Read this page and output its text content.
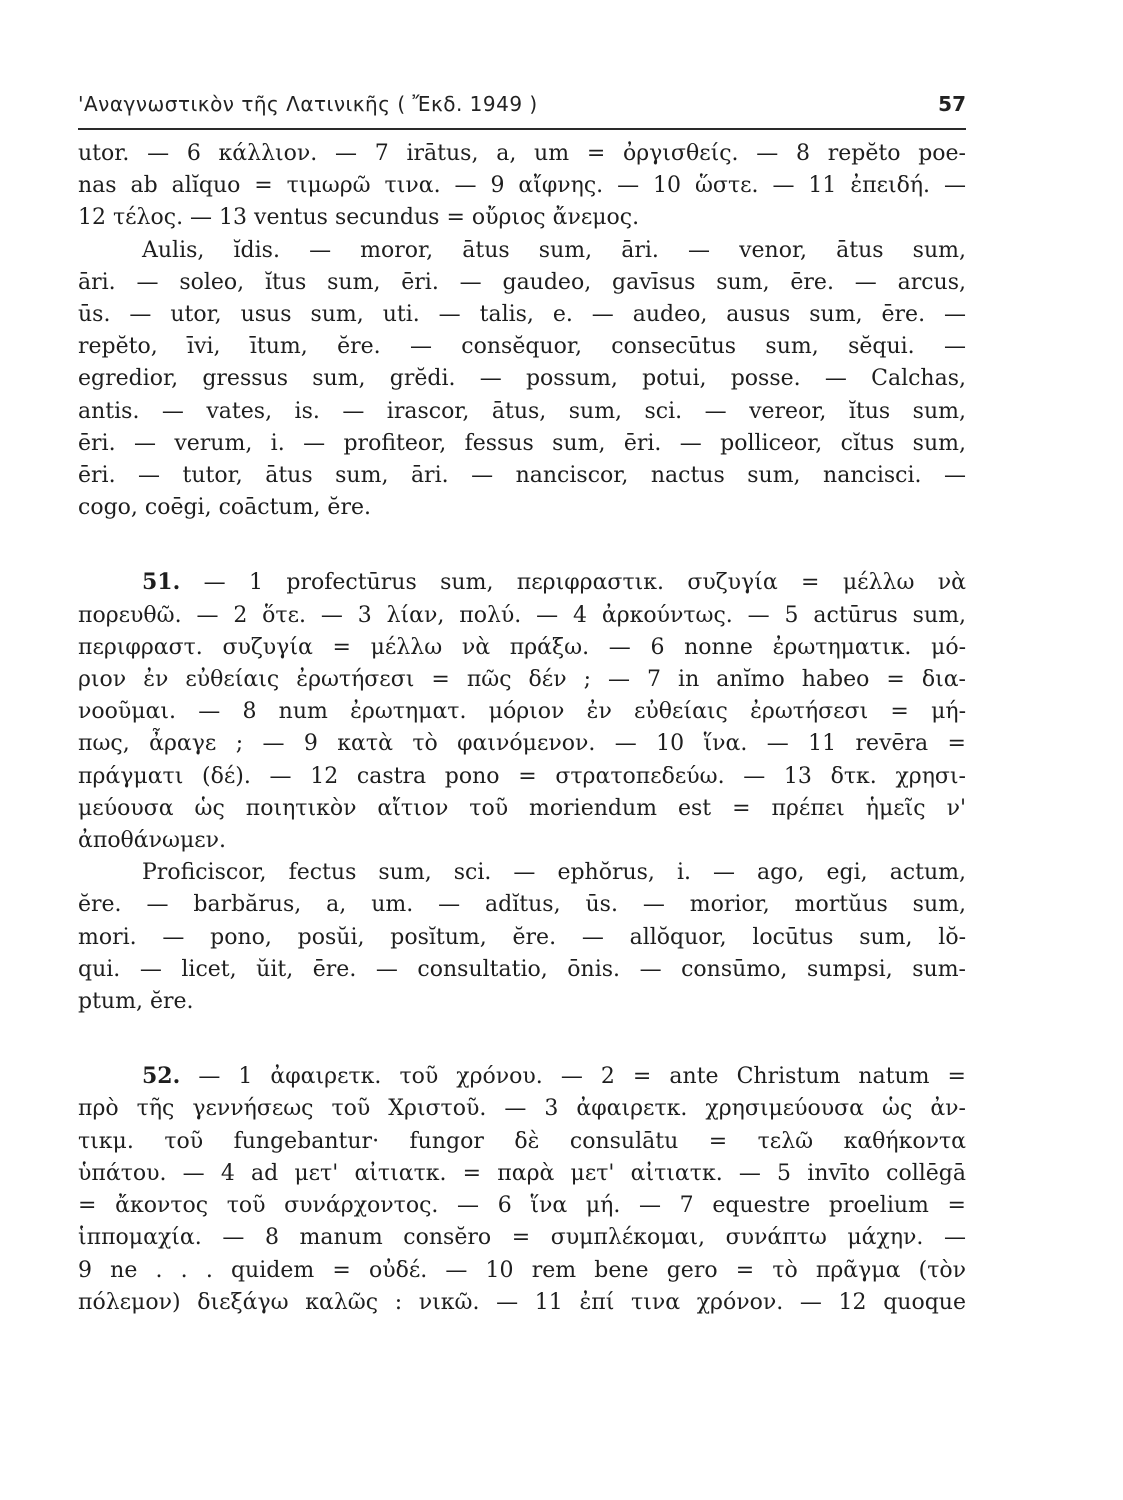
'Αναγνωστικὸν τῆς Λατινικῆς ( Ἔκδ. 1949 )	57

utor. — 6 κάλλιον. — 7 irātus, a, um = ὀργισθείς. — 8 repĕto poe-
nas ab alĭquo = τιμωρῶ τινα. — 9 αἴφνης. — 10 ὥστε. — 11 ἐπειδή. —
12 τέλος. — 13 ventus secundus = οὔριος ἄνεμος.

Aulis, ĭdis. — moror, ātus sum, āri. — venor, ātus sum,
āri. — soleo, ĭtus sum, ēri. — gaudeo, gavīsus sum, ēre. — arcus,
ūs. — utor, usus sum, uti. — talis, e. — audeo, ausus sum, ēre. —
repĕto, īvi, ītum, ĕre. — consĕquor, consecūtus sum, sĕqui. —
egredior, gressus sum, grĕdi. — possum, potui, posse. — Calchas,
antis. — vates, is. — irascor, ātus, sum, sci. — vereor, ĭtus sum,
ēri. — verum, i. — profiteor, fessus sum, ēri. — polliceor, cĭtus sum,
ēri. — tutor, ātus sum, āri. — nanciscor, nactus sum, nancisci. —
cogo, coēgi, coāctum, ĕre.

51. — 1 profectūrus sum, περιφραστικ. συζυγία = μέλλω νὰ
πορευθῶ. — 2 ὅτε. — 3 λίαν, πολύ. — 4 ἀρκούντως. — 5 actūrus sum,
περιφραστ. συζυγία = μέλλω νὰ πράξω. — 6 nonne ἐρωτηματικ. μό-
ριον ἐν εὐθείαις ἐρωτήσεσι = πῶς δέν ; — 7 in anĭmo habeo = δια-
νοοῦμαι. — 8 num ἐρωτηματ. μόριον ἐν εὐθείαις ἐρωτήσεσι = μή-
πως, ἆραγε ; — 9 κατὰ τὸ φαινόμενον. — 10 ἵνα. — 11 revēra =
πράγματι (δέ). — 12 castra pono = στρατοπεδεύω. — 13 δτκ. χρησι-
μεύουσα ὡς ποιητικὸν αἴτιον τοῦ moriendum est = πρέπει ἡμεῖς ν'
ἀποθάνωμεν.

Proficiscor, fectus sum, sci. — ephŏrus, i. — ago, egi, actum,
ĕre. — barbărus, a, um. — adĭtus, ūs. — morior, mortŭus sum,
mori. — pono, posŭi, posĭtum, ĕre. — allŏquor, locūtus sum, lŏ-
qui. — licet, ŭit, ēre. — consultatio, ōnis. — consūmo, sumpsi, sum-
ptum, ĕre.

52. — 1 ἀφαιρετκ. τοῦ χρόνου. — 2 = ante Christum natum =
πρὸ τῆς γεννήσεως τοῦ Χριστοῦ. — 3 ἀφαιρετκ. χρησιμεύουσα ὡς ἀν-
τικμ. τοῦ fungebantur· fungor δὲ consulātu = τελῶ καθήκοντα
ὑπάτου. — 4 ad μετ' αἰτιατκ. = παρὰ μετ' αἰτιατκ. — 5 invīto collēgā
= ἄκοντος τοῦ συνάρχοντος. — 6 ἵνα μή. — 7 equestre proelium =
ἱππομαχία. — 8 manum consĕro = συμπλέκομαι, συνάπτω μάχην. —
9 ne . . . quidem = οὐδέ. — 10 rem bene gero = τὸ πρᾶγμα (τὸν
πόλεμον) διεξάγω καλῶς : νικῶ. — 11 ἐπί τινα χρόνον. — 12 quoque
